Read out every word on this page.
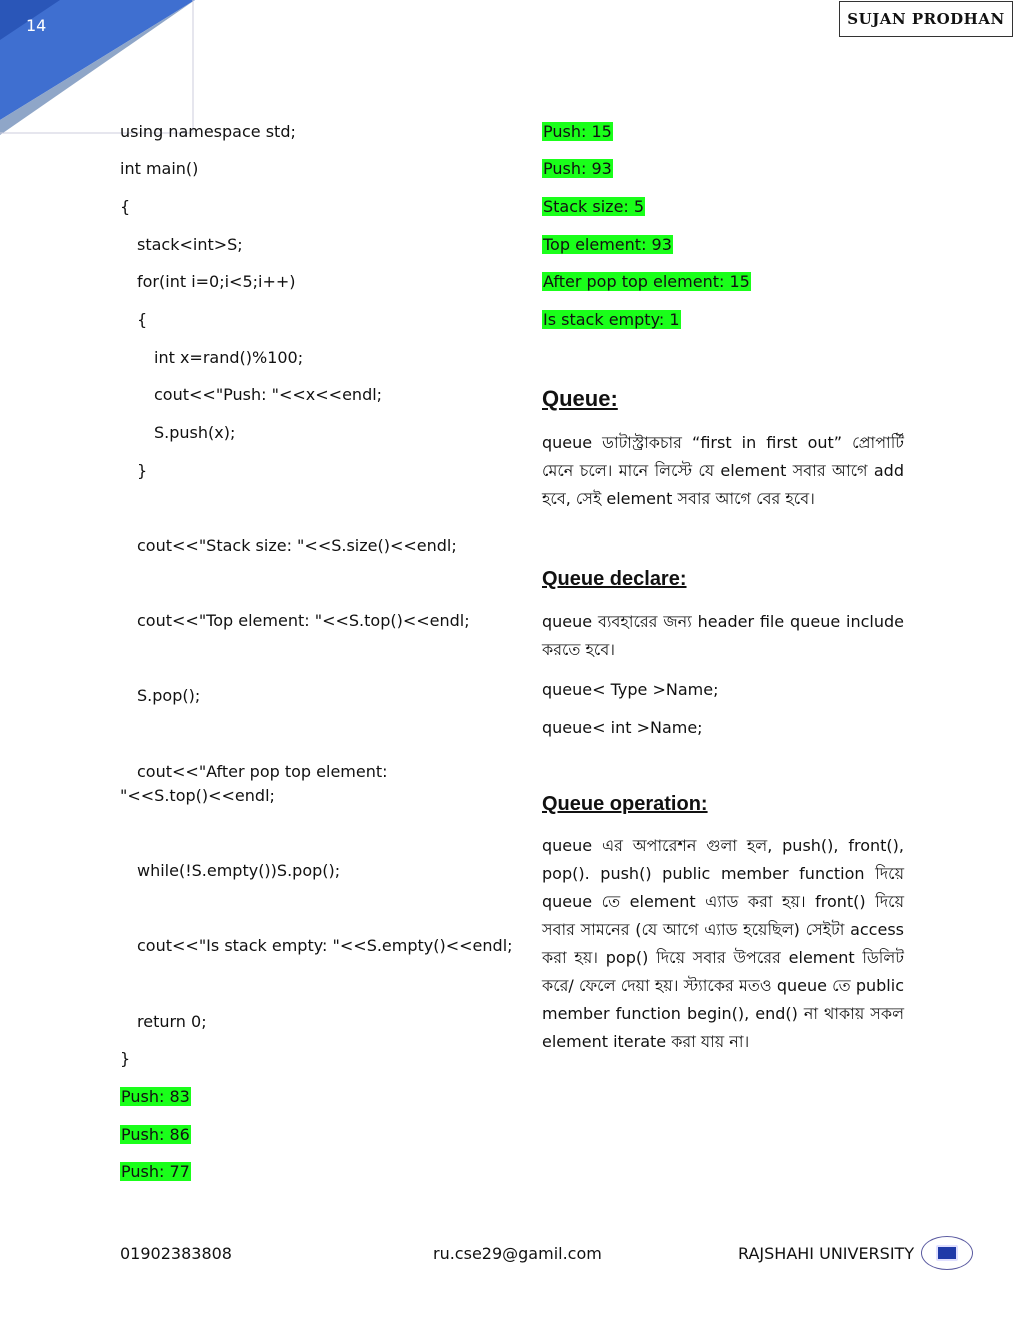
14	SUJAN PRODHAN
using namespace std;
int main()
{
stack<int>S;
for(int i=0;i<5;i++)
{
int x=rand()%100;
cout<<"Push: "<<x<<endl;
S.push(x);
}
cout<<"Stack size: "<<S.size()<<endl;
cout<<"Top element: "<<S.top()<<endl;
S.pop();
cout<<"After pop top element:
"<<S.top()<<endl;
while(!S.empty())S.pop();
cout<<"Is stack empty: "<<S.empty()<<endl;
return 0;
}
Push: 83
Push: 86
Push: 77
Push: 15
Push: 93
Stack size: 5
Top element: 93
After pop top element: 15
Is stack empty: 1
Queue:
queue ডাটাস্ট্রাকচার “first in first out” প্রোপার্টি মেনে চলে। মানে লিস্টে যে element সবার আগে add হবে, সেই element সবার আগে বের হবে।
Queue declare:
queue ব্যবহারের জন্য header file queue include করতে হবে।
queue< Type >Name;
queue< int >Name;
Queue operation:
queue এর অপারেশন গুলা হল, push(), front(), pop(). push() public member function দিয়ে queue তে element এ্যাড করা হয়। front() দিয়ে সবার সামনের (যে আগে এ্যাড হয়েছিল) সেইটা access করা হয়। pop() দিয়ে সবার উপরের element ডিলিট করে/ ফেলে দেয়া হয়। স্ট্যাকের মতও queue তে public member function begin(), end() না থাকায় সকল element iterate করা যায় না।
01902383808	ru.cse29@gamil.com	RAJSHAHI UNIVERSITY
